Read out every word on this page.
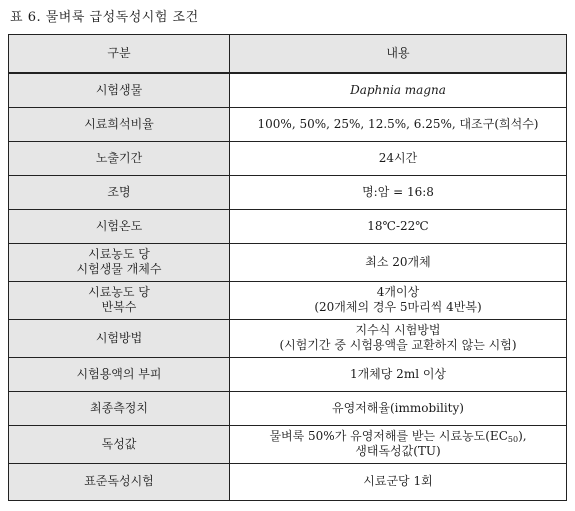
표 6. 물벼룩 급성독성시험 조건
구분	내용

시험생물	Daphnia magna

시료희석비율	100%, 50%, 25%, 12.5%, 6.25%, 대조구(희석수)

노출기간	24시간

조명	명:암 = 16:8

시험온도	18℃-22℃

시료농도 당
시험생물 개체수	최소 20개체

시료농도 당
반복수	4개이상
(20개체의 경우 5마리씩 4반복)

시험방법	지수식 시험방법
(시험기간 중 시험용액을 교환하지 않는 시험)

시험용액의 부피	1개체당 2ml 이상

최종측정치	유영저해율(immobility)

독성값	물벼룩 50%가 유영저해를 받는 시료농도$(EC_{50})$,
생태독성값(TU)

표준독성시험	시료군당 1회
